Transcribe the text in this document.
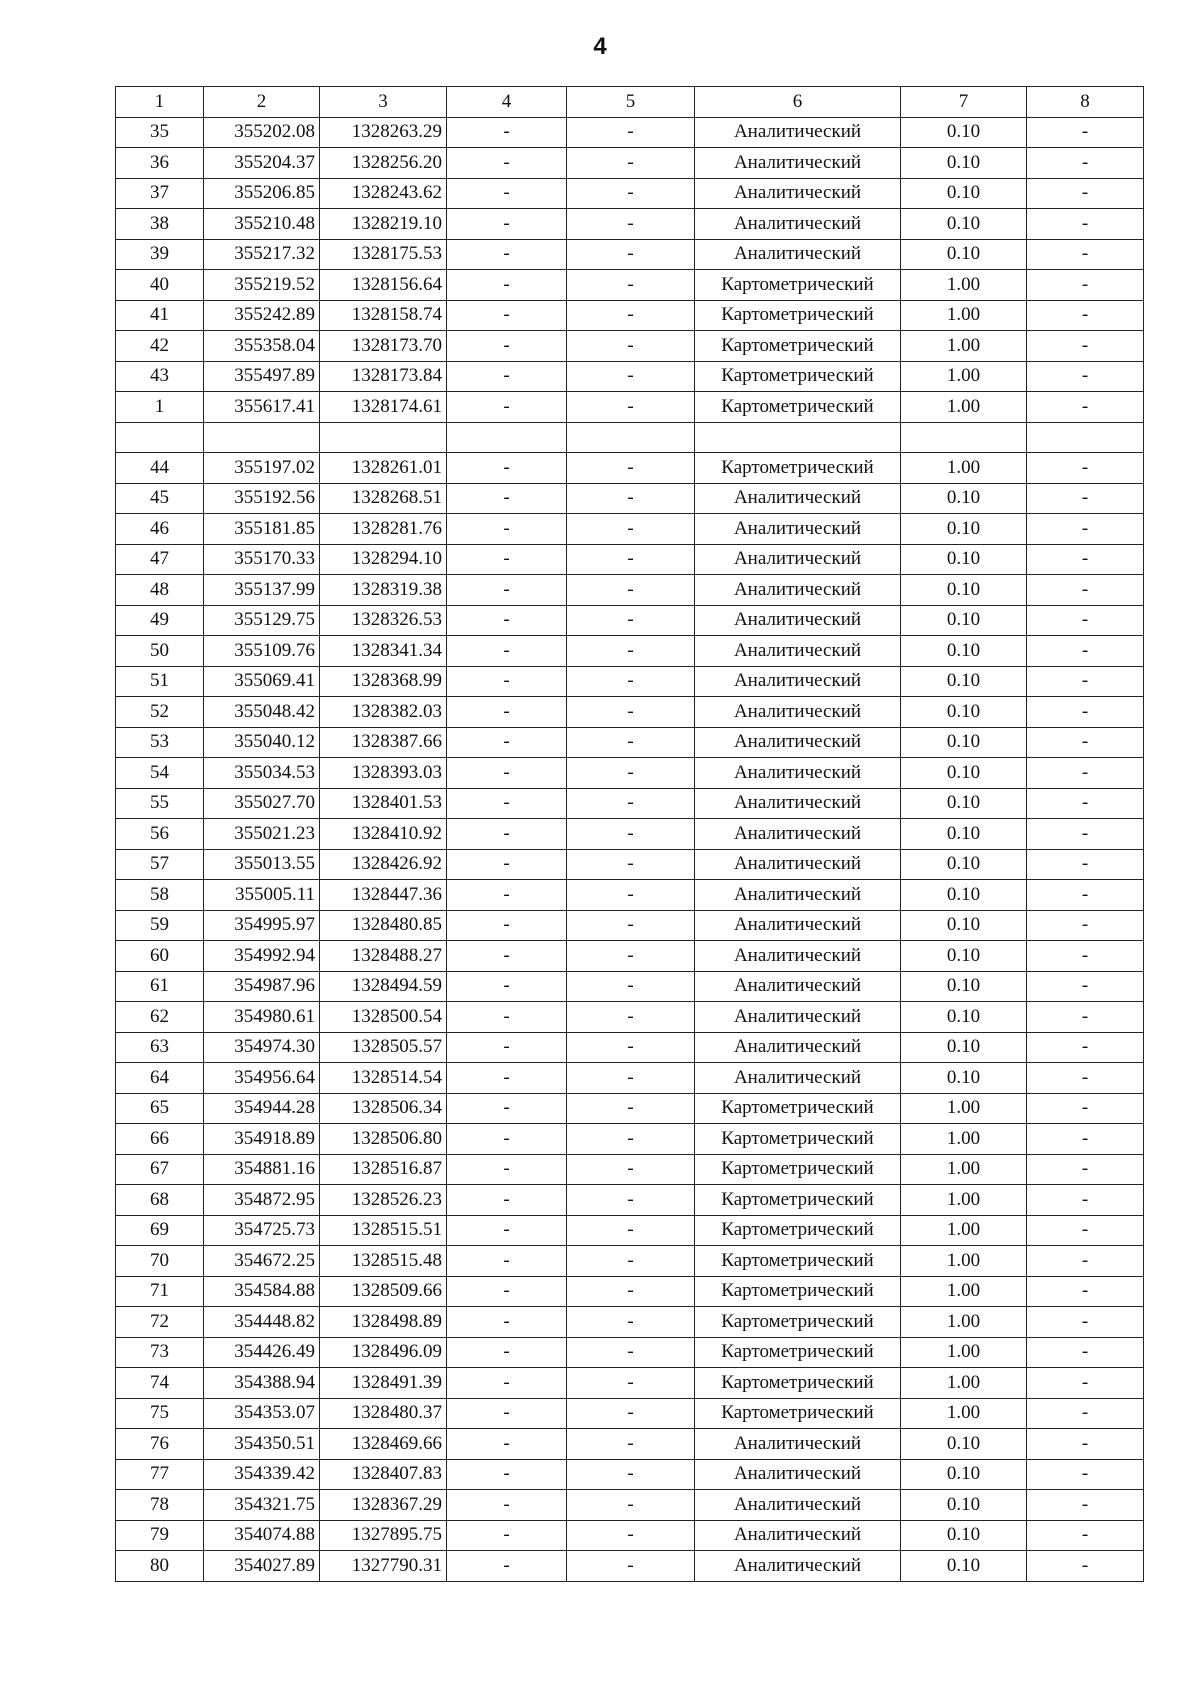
4
1	2	3	4	5	6	7	8
35	355202.08	1328263.29	-	-	Аналитический	0.10	-
36	355204.37	1328256.20	-	-	Аналитический	0.10	-
37	355206.85	1328243.62	-	-	Аналитический	0.10	-
38	355210.48	1328219.10	-	-	Аналитический	0.10	-
39	355217.32	1328175.53	-	-	Аналитический	0.10	-
40	355219.52	1328156.64	-	-	Картометрический	1.00	-
41	355242.89	1328158.74	-	-	Картометрический	1.00	-
42	355358.04	1328173.70	-	-	Картометрический	1.00	-
43	355497.89	1328173.84	-	-	Картометрический	1.00	-
1	355617.41	1328174.61	-	-	Картометрический	1.00	-

44	355197.02	1328261.01	-	-	Картометрический	1.00	-
45	355192.56	1328268.51	-	-	Аналитический	0.10	-
46	355181.85	1328281.76	-	-	Аналитический	0.10	-
47	355170.33	1328294.10	-	-	Аналитический	0.10	-
48	355137.99	1328319.38	-	-	Аналитический	0.10	-
49	355129.75	1328326.53	-	-	Аналитический	0.10	-
50	355109.76	1328341.34	-	-	Аналитический	0.10	-
51	355069.41	1328368.99	-	-	Аналитический	0.10	-
52	355048.42	1328382.03	-	-	Аналитический	0.10	-
53	355040.12	1328387.66	-	-	Аналитический	0.10	-
54	355034.53	1328393.03	-	-	Аналитический	0.10	-
55	355027.70	1328401.53	-	-	Аналитический	0.10	-
56	355021.23	1328410.92	-	-	Аналитический	0.10	-
57	355013.55	1328426.92	-	-	Аналитический	0.10	-
58	355005.11	1328447.36	-	-	Аналитический	0.10	-
59	354995.97	1328480.85	-	-	Аналитический	0.10	-
60	354992.94	1328488.27	-	-	Аналитический	0.10	-
61	354987.96	1328494.59	-	-	Аналитический	0.10	-
62	354980.61	1328500.54	-	-	Аналитический	0.10	-
63	354974.30	1328505.57	-	-	Аналитический	0.10	-
64	354956.64	1328514.54	-	-	Аналитический	0.10	-
65	354944.28	1328506.34	-	-	Картометрический	1.00	-
66	354918.89	1328506.80	-	-	Картометрический	1.00	-
67	354881.16	1328516.87	-	-	Картометрический	1.00	-
68	354872.95	1328526.23	-	-	Картометрический	1.00	-
69	354725.73	1328515.51	-	-	Картометрический	1.00	-
70	354672.25	1328515.48	-	-	Картометрический	1.00	-
71	354584.88	1328509.66	-	-	Картометрический	1.00	-
72	354448.82	1328498.89	-	-	Картометрический	1.00	-
73	354426.49	1328496.09	-	-	Картометрический	1.00	-
74	354388.94	1328491.39	-	-	Картометрический	1.00	-
75	354353.07	1328480.37	-	-	Картометрический	1.00	-
76	354350.51	1328469.66	-	-	Аналитический	0.10	-
77	354339.42	1328407.83	-	-	Аналитический	0.10	-
78	354321.75	1328367.29	-	-	Аналитический	0.10	-
79	354074.88	1327895.75	-	-	Аналитический	0.10	-
80	354027.89	1327790.31	-	-	Аналитический	0.10	-
